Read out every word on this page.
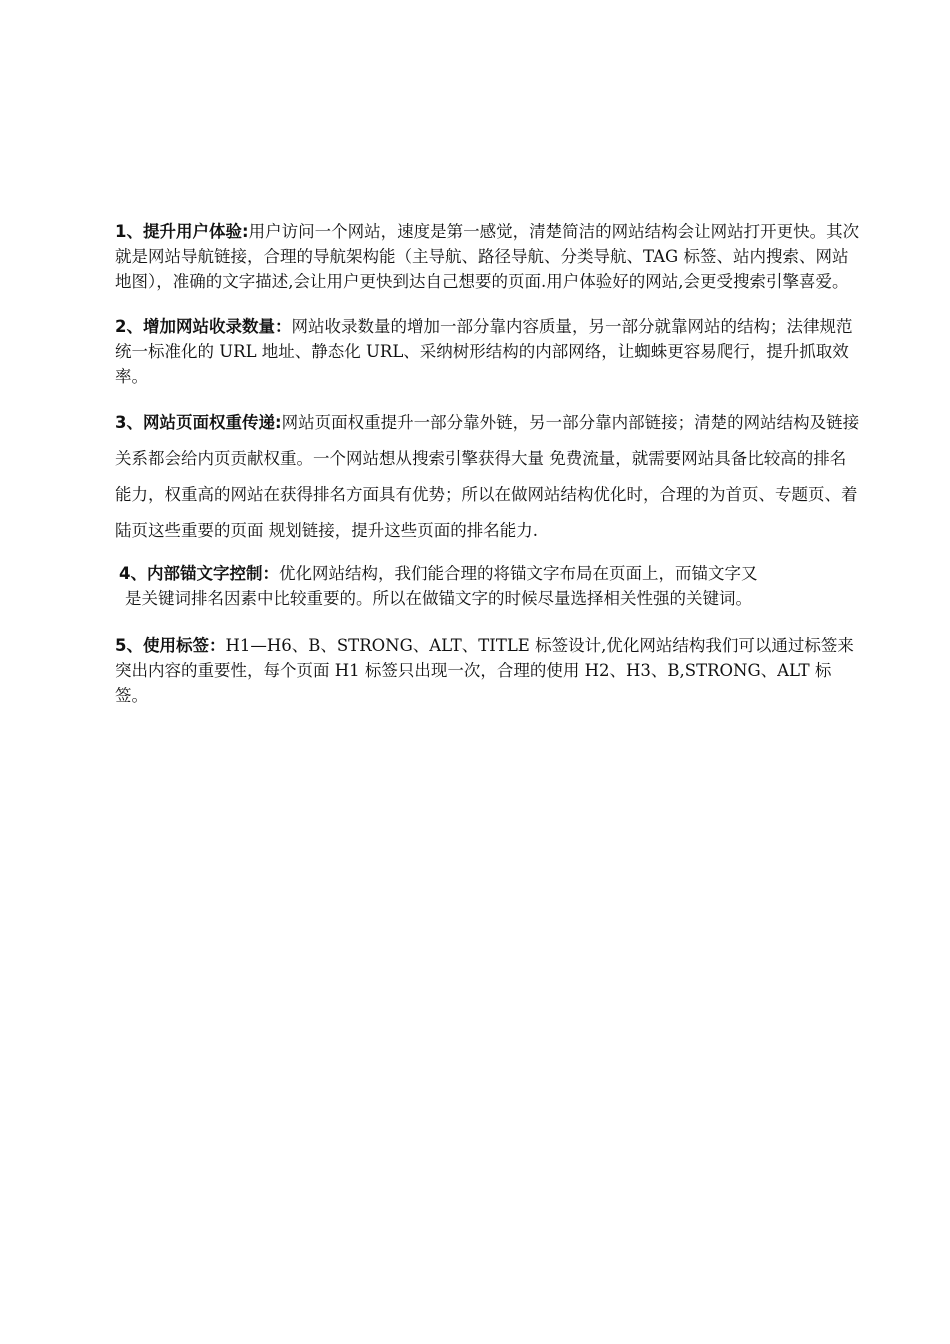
1、提升用户体验:用户访问一个网站，速度是第一感觉，清楚简洁的网站结构会让网站打开更快。其次就是网站导航链接，合理的导航架构能（主导航、路径导航、分类导航、TAG 标签、站内搜索、网站地图），准确的文字描述,会让用户更快到达自己想要的页面.用户体验好的网站,会更受搜索引擎喜爱。

2、增加网站收录数量：网站收录数量的增加一部分靠内容质量，另一部分就靠网站的结构；法律规范统一标准化的 URL 地址、静态化 URL、采纳树形结构的内部网络，让蜘蛛更容易爬行，提升抓取效率。

3、网站页面权重传递:网站页面权重提升一部分靠外链，另一部分靠内部链接；清楚的网站结构及链接关系都会给内页贡献权重。一个网站想从搜索引擎获得大量 免费流量，就需要网站具备比较高的排名能力，权重高的网站在获得排名方面具有优势；所以在做网站结构优化时，合理的为首页、专题页、着陆页这些重要的页面 规划链接，提升这些页面的排名能力.

4、内部锚文字控制：优化网站结构，我们能合理的将锚文字布局在页面上，而锚文字又
是关键词排名因素中比较重要的。所以在做锚文字的时候尽量选择相关性强的关键词。

5、使用标签：H1—H6、B、STRONG、ALT、TITLE 标签设计,优化网站结构我们可以通过标签来突出内容的重要性，每个页面 H1 标签只出现一次，合理的使用 H2、H3、B,STRONG、ALT 标签。
